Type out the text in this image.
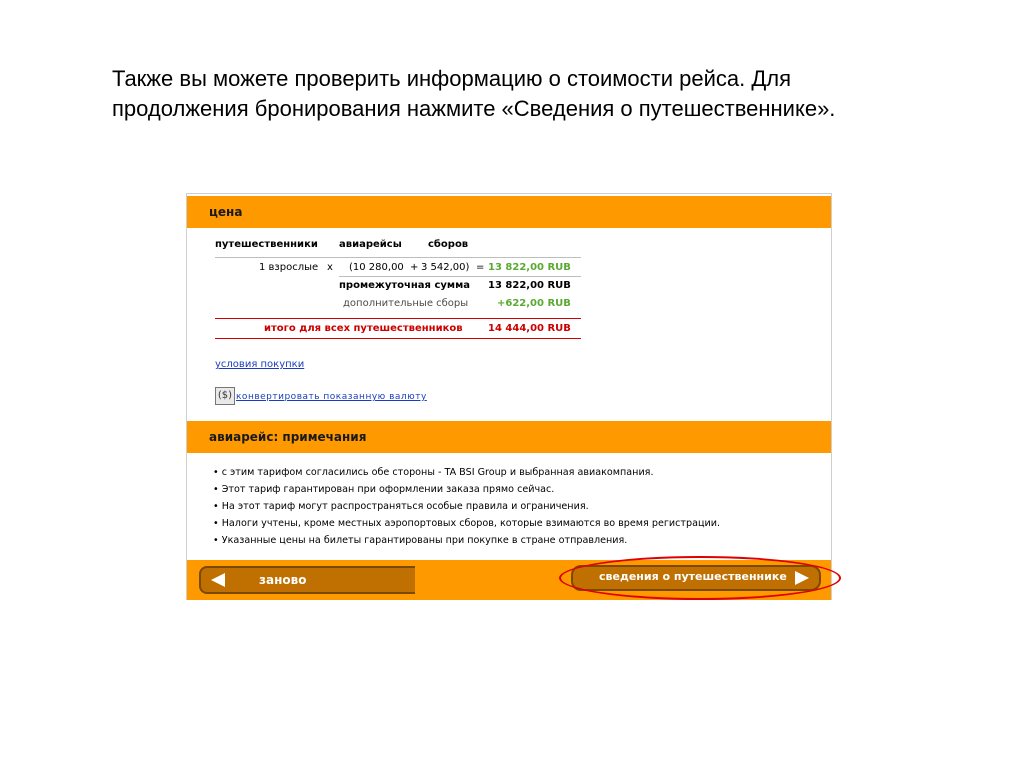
Также вы можете проверить информацию о стоимости рейса. Для
продолжения бронирования нажмите «Сведения о путешественнике».
цена
путешественники авиарейсы	сборов
1 взрослые x (10 280,00 + 3 542,00) = 13 822,00 RUB
промежуточная сумма 13 822,00 RUB
дополнительные сборы	+622,00 RUB
итого для всех путешественников	14 444,00 RUB
условия покупки
($) конвертировать показанную валюту
авиарейс: примечания
• с этим тарифом согласились обе стороны - TA BSI Group и выбранная авиакомпания.
• Этот тариф гарантирован при оформлении заказа прямо сейчас.
• На этот тариф могут распространяться особые правила и ограничения.
• Налоги учтены, кроме местных аэропортовых сборов, которые взимаются во время регистрации.
• Указанные цены на билеты гарантированы при покупке в стране отправления.
заново	сведения о путешественнике
